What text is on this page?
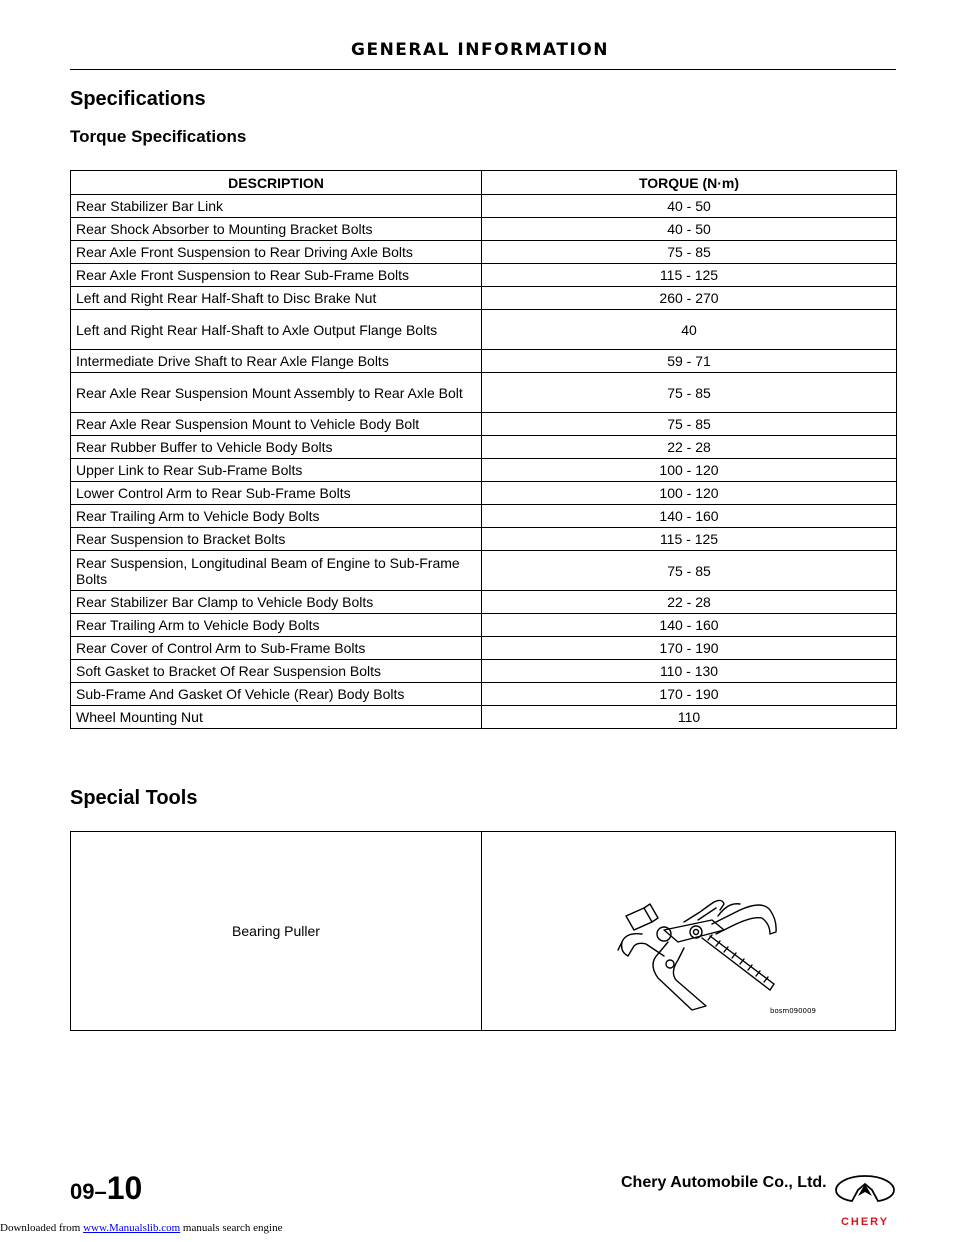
GENERAL INFORMATION
Specifications
Torque Specifications
DESCRIPTION	TORQUE (N·m)
Rear Stabilizer Bar Link	40 - 50
Rear Shock Absorber to Mounting Bracket Bolts	40 - 50
Rear Axle Front Suspension to Rear Driving Axle Bolts	75 - 85
Rear Axle Front Suspension to Rear Sub-Frame Bolts	115 - 125
Left and Right Rear Half-Shaft to Disc Brake Nut	260 - 270
Left and Right Rear Half-Shaft to Axle Output Flange Bolts	40
Intermediate Drive Shaft to Rear Axle Flange Bolts	59 - 71
Rear Axle Rear Suspension Mount Assembly to Rear Axle Bolt	75 - 85
Rear Axle Rear Suspension Mount to Vehicle Body Bolt	75 - 85
Rear Rubber Buffer to Vehicle Body Bolts	22 - 28
Upper Link to Rear Sub-Frame Bolts	100 - 120
Lower Control Arm to Rear Sub-Frame Bolts	100 - 120
Rear Trailing Arm to Vehicle Body Bolts	140 - 160
Rear Suspension to Bracket Bolts	115 - 125
Rear Suspension, Longitudinal Beam of Engine to Sub-Frame Bolts	75 - 85
Rear Stabilizer Bar Clamp to Vehicle Body Bolts	22 - 28
Rear Trailing Arm to Vehicle Body Bolts	140 - 160
Rear Cover of Control Arm to Sub-Frame Bolts	170 - 190
Soft Gasket to Bracket Of Rear Suspension Bolts	110 - 130
Sub-Frame And Gasket Of Vehicle (Rear) Body Bolts	170 - 190
Wheel Mounting Nut	110
Special Tools
Bearing Puller
bosm090009
09–10	Chery Automobile Co., Ltd.
CHERY
Downloaded from www.Manualslib.com manuals search engine
